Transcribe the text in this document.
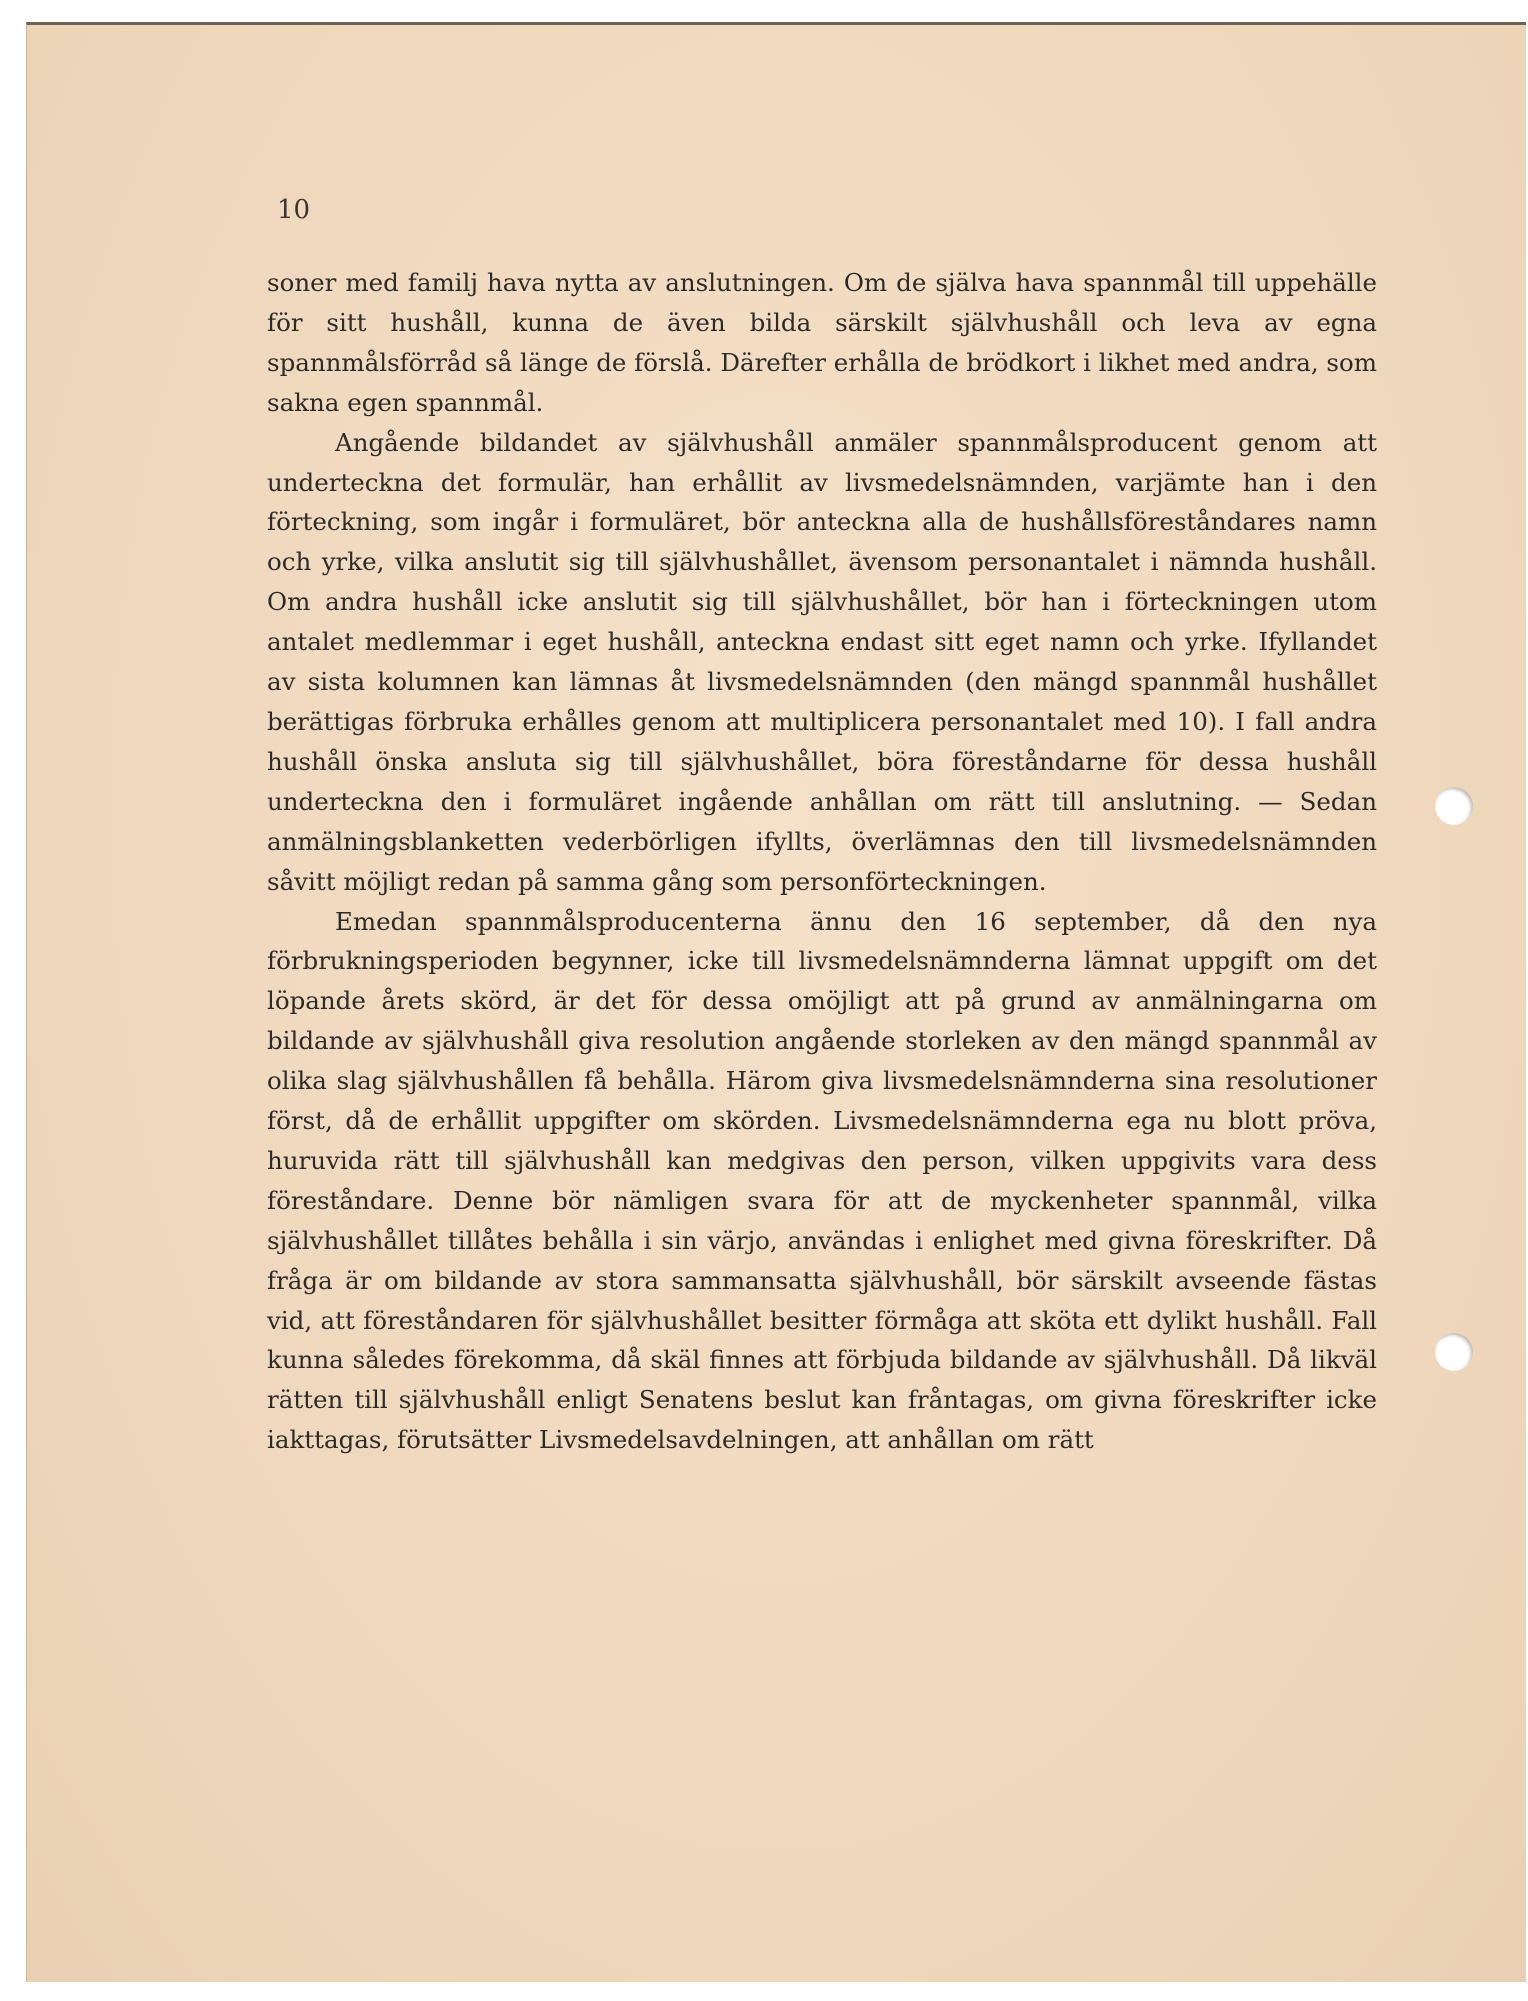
10

soner med familj hava nytta av anslutningen. Om de själva hava spannmål till uppehälle för sitt hushåll, kunna de även bilda särskilt självhushåll och leva av egna spannmålsförråd så länge de förslå. Därefter erhålla de brödkort i likhet med andra, som sakna egen spannmål.

Angående bildandet av självhushåll anmäler spannmålsproducent genom att underteckna det formulär, han erhållit av livsmedelsnämnden, varjämte han i den förteckning, som ingår i formuläret, bör anteckna alla de hushållsföreståndares namn och yrke, vilka anslutit sig till självhushållet, ävensom personantalet i nämnda hushåll. Om andra hushåll icke anslutit sig till självhushållet, bör han i förteckningen utom antalet medlemmar i eget hushåll, anteckna endast sitt eget namn och yrke. Ifyllandet av sista kolumnen kan lämnas åt livsmedelsnämnden (den mängd spannmål hushållet berättigas förbruka erhålles genom att multiplicera personantalet med 10). I fall andra hushåll önska ansluta sig till självhushållet, böra föreståndarne för dessa hushåll underteckna den i formuläret ingående anhållan om rätt till anslutning. — Sedan anmälningsblanketten vederbörligen ifyllts, överlämnas den till livsmedelsnämnden såvitt möjligt redan på samma gång som personförteckningen.

Emedan spannmålsproducenterna ännu den 16 september, då den nya förbrukningsperioden begynner, icke till livsmedelsnämnderna lämnat uppgift om det löpande årets skörd, är det för dessa omöjligt att på grund av anmälningarna om bildande av självhushåll giva resolution angående storleken av den mängd spannmål av olika slag självhushållen få behålla. Härom giva livsmedelsnämnderna sina resolutioner först, då de erhållit uppgifter om skörden. Livsmedelsnämnderna ega nu blott pröva, huruvida rätt till självhushåll kan medgivas den person, vilken uppgivits vara dess föreståndare. Denne bör nämligen svara för att de myckenheter spannmål, vilka självhushållet tillåtes behålla i sin värjo, användas i enlighet med givna föreskrifter. Då fråga är om bildande av stora sammansatta självhushåll, bör särskilt avseende fästas vid, att föreståndaren för självhushållet besitter förmåga att sköta ett dylikt hushåll. Fall kunna således förekomma, då skäl finnes att förbjuda bildande av självhushåll. Då likväl rätten till självhushåll enligt Senatens beslut kan fråntagas, om givna föreskrifter icke iakttagas, förutsätter Livsmedelsavdelningen, att anhållan om rätt
